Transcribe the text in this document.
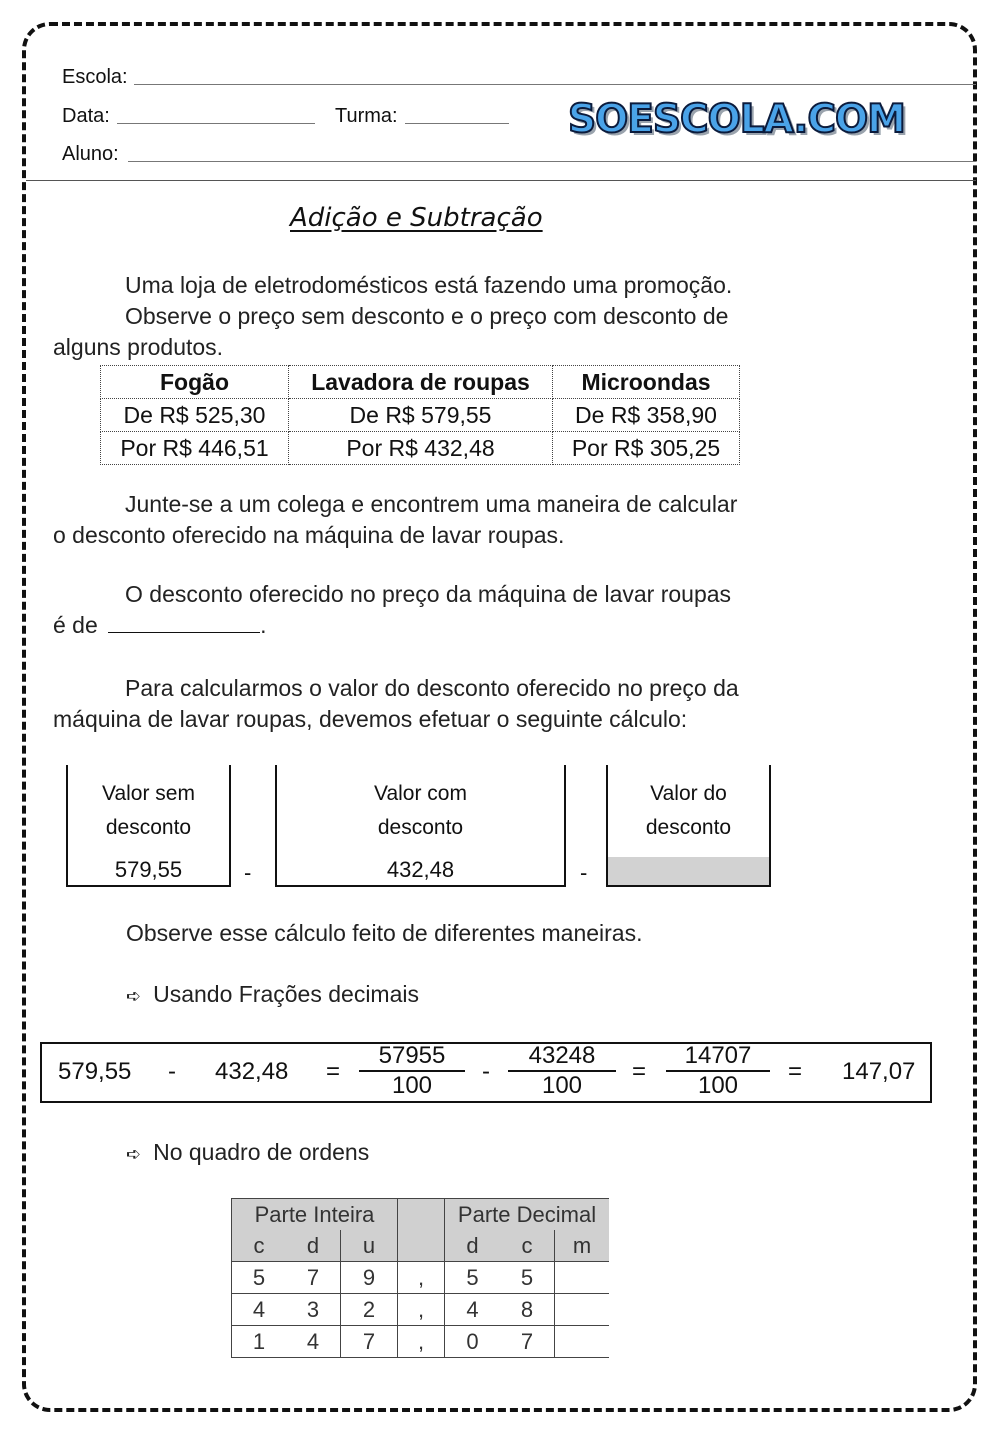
Escola:
Data:	Turma:	SOESCOLA.COM
Aluno:
Adição e Subtração
Uma loja de eletrodomésticos está fazendo uma promoção.
Observe o preço sem desconto e o preço com desconto de
alguns produtos.
Fogão	Lavadora de roupas	Microondas
De R$ 525,30	De R$ 579,55	De R$ 358,90
Por R$ 446,51	Por R$ 432,48	Por R$ 305,25
Junte-se a um colega e encontrem uma maneira de calcular
o desconto oferecido na máquina de lavar roupas.
O desconto oferecido no preço da máquina de lavar roupas
é de	.
Para calcularmos o valor do desconto oferecido no preço da
máquina de lavar roupas, devemos efetuar o seguinte cálculo:
Valor sem
desconto
579,55	-
Valor com
desconto
432,48	-
Valor do
desconto
Observe esse cálculo feito de diferentes maneiras.
➪ Usando Frações decimais
$579,55 - 432,48 = \frac{57955}{100} - \frac{43248}{100} = \frac{14707}{100} = 147,07$
➪ No quadro de ordens
Parte Inteira				Parte Decimal		
c	d	u		d	c	m
5	7	9	,	5	5	
4	3	2	,	4	8	
1	4	7	,	0	7	
